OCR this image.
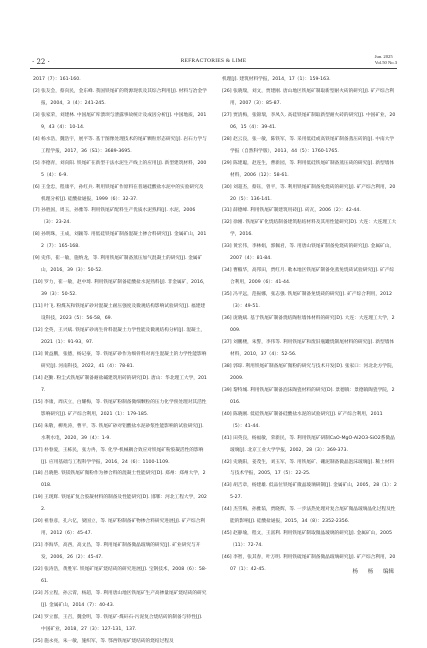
· 22 ·	REFRACTORIES & LIME
Jun. 2025
Vol.50 No.3

2017（7）：161-160.

[2] 张友会，蔡向民，金东峰. 我国铁尾矿的资源现状及其综合利用[J]. 材料与冶金学报，2004，3（4）：241-245.

[3] 张家荣，刘建林. 中国尾矿库溃坝与泄露事故统计及成因分析[J]. 中国地质，2019，43（4）：10-14.

[4] 杨水浩，魏浩宇，展平等. 基于图像处理技术的尾矿颗粒形态研究[J]. 岩石力学与工程学报，2017，36（S1）：3689-3695.

[5] 李德青，刘向阳. 铁尾矿在新型干法水泥生产线上的应用[J]. 新型建筑材料，2005（4）：6-9.

[6] 王金忠，程康平，孙红兵. 利用铁尾矿作原料在普通硅酸盐水泥中的实验研究及机理分析[J]. 硅酸盐通报，1999（6）：32-37.

[7] 孙胜国，周玉，孙雅等. 利用铁尾矿配料生产优质水泥熟料[J]. 水泥，2006（3）：23-24.

[8] 孙明珠，王成，刘颖等. 用低硅铁尾矿制备混凝土掺合料研究[J]. 金属矿山，2012（7）：165-168.

[9] 史伟，崔一敏，施纳龙，等. 利用铁尾矿制备蒸压加气混凝土的研究[J]. 金属矿山，2016，39（3）：50-52.

[10] 罗力，崔一敏，赵中琦. 利用铁尾矿制备硅酸盐水泥熟料[J]. 非金属矿，2016，39（3）：50-52.

[11] 叶飞. 粉煤灰和铁尾矿砂对混凝土耐压强度及微观结构影响试验研究[J]. 福建建设科技，2023（5）：56-58，69.

[12] 全英，王兴斌. 铁尾矿砂再生骨料混凝土力学性能及微观结构分析[J]. 混凝土，2021（1）：91-93，97.

[13] 黄益鹏，张德，杨记豪，等. 铁尾矿砂作为细骨料对再生混凝土的力学性能影响研究[J]. 河南科技，2022，41（4）：78-81.

[14] 赵勤. 粉尘式铁尾矿制备耐盐碱建筑用砖的研究[D]. 唐山：华北理工大学，2017.

[15] 李康，周庆立，白耀梅，等. 铁尾矿粉制备微细颗粒的压力化学预处理对其活性影响研究[J]. 矿产综合利用，2021（1）：179-185.

[16] 朱敬，柳兆涛，曹平，等. 铁尾矿砂对铝酸盐水泥砂浆性能影响的试验研究[J]. 水利水电，2020，39（4）：1-9.

[17] 朴春爱，王栋民，张力冉，等. 化学-机械耦合效应对铁尾矿粉胶凝活性的影响[J]. 应用基础与工程科学学报，2016，24（6）：1100-1109.

[18] 吕晓艳. 铁镁铁尾矿微粉作为掺合料的混凝土性能研究[D]. 郑州：郑州大学，2018.

[19] 王现辉. 铁尾矿复合胶凝材料的制备及性能研究[D]. 邯郸：河北工程大学，2022.

[20] 祖春彦，孔六亿，梁国立，等. 尾矿粉制备矿物掺合料研究进展[J]. 矿产综合利用，2012（6）：45-47.

[21] 李海华，高西，高文昌，等. 利用尾矿制备微晶玻璃的研究[J]. 矿业研究与开发，2006，26（2）：45-47.

[22] 张涛浩，黄胜军. 铁尾矿尾矿烧结砖的研究进展[J]. 宝钢技术，2008（6）：58-61.

[23] 苏立程，孙云霄，杨超，等. 利用唐山地区铁尾矿生产高掺量尾矿烧结砖的研究[J]. 金属矿山，2014（7）：40-43.

[24] 罗立群，王召，魏金明，等. 铁尾矿-煤矸石-污泥复合烧结砖的制备与特性[J]. 中国矿业，2018，27（3）：127-131，137.

[25] 施永亮，朱一敏，施织军，等. 鄂西铁尾矿烧结砖的烧结过程及

机理[J]. 建筑材料学报，2014，17（1）：159-163.

[26] 张晓瑞，刘文，贾建刚. 唐山地区铁尾矿制取新型耐火砖的研究[J]. 矿产综合利用，2007（3）：85-87.

[27] 贾清梅，张锦瑞，李凤久. 高硅铁尾矿制取新型耐火砖的研究[J]. 中国矿业，2006，15（4）：39-41.

[28] 赵云良，张一敏，陈铁军，等. 采用低硅或高铁尾矿制备蒸压砖的[J]. 中南大学学报（自然科学版），2013，44（5）：1760-1765.

[29] 陈建聪，赵连生，曹新园，等. 利用低硅铁尾矿制备蒸压砖的研究[J]. 新型墙体材料，2006（12）：58-61.

[30] 刘超杰，蔡钰，曾平，等. 利用铁尾矿制备免烧砖的研究[J]. 矿产综合利用，2020（5）：136-141.

[31] 薛德峰. 利用铁尾矿制建筑用砖[J]. 砖瓦，2006（2）：42-44.

[32] 徐刚. 铁尾矿矿化烧结制备建筑粘结材料及其用性能研究[D]. 大连：大连理工大学，2016.

[33] 黄宏伟，李林娟，郭佩君，等. 用唐山铁尾矿制备免烧砖的研究[J]. 金属矿山，2007（4）：81-84.

[34] 曹椒华，高邦田，贾红月. 歌本地区铁尾矿制备免蒸免烧砖试验研究[J]. 矿产综合利用，2009（6）：41-44.

[35] 冯平远，范振娜，张志强. 铁尾矿制备免烧砖的研究[J]. 矿产综合利用，2012（3）：49-51.

[36] 庞晓斌. 基于铁尾矿制备烧结陶粒墙体材料的研究[D]. 大连：大连理工大学，2009.

[37] 刘鹏楼，朱警，李伟等. 利用铁尾矿和废旧瓶罐烧制尾材料的研究[J]. 新型墙体材料，2010，37（4）：52-56.

[38] 郭琼. 利用铁尾矿制备尾矿微粉的研究与技术开发[D]. 张家口：河北北方学院，2009.

[39] 黎特城. 利用铁尾矿制备泡沫陶瓷材料的研究[D]. 景德镇：景德镇陶瓷学院，2016.

[40] 陈晓刚. 低硅铁尾矿制备硅酸盐水泥的试验研究[J]. 矿产综合利用，2011（5）：41-44.

[41] 田英良，杨福敏，荣新民，等. 利用铁尾矿研制CaO-MgO-Al2O3-SiO2系微晶玻璃[J]. 北京工业大学学报，2002，28（3）：369-373.

[42] 史晓阳，姜茂生，刘玉军，等. 用铁尾矿、硼泥制备微晶泡沫玻璃[J]. 稀土材料与技术学报，2005，17（5）：22-25.

[43] 胡吉章，杨建雄. 低品位铁尾矿微晶玻璃研制[J]. 金属矿山，2005，28（1）：25-27.

[44] 杰雪梅，孙雅茹，贾晓辉，等. 一步法热处理对复合尾矿微晶玻璃晶化过程及性能的影响[J]. 硅酸盐通报，2015，34（8）：2352-2356.

[45] 赵静瑜，程文，王富利. 利用铁尾矿制取微晶玻璃的研究[J]. 金属矿山，2005（11）：72-74.

[46] 李智，张其春，叶万明. 利用铁硫尾矿制备微晶玻璃研究[J]. 矿产综合利用，2007（1）：42-45.	杨 杨 编辑
